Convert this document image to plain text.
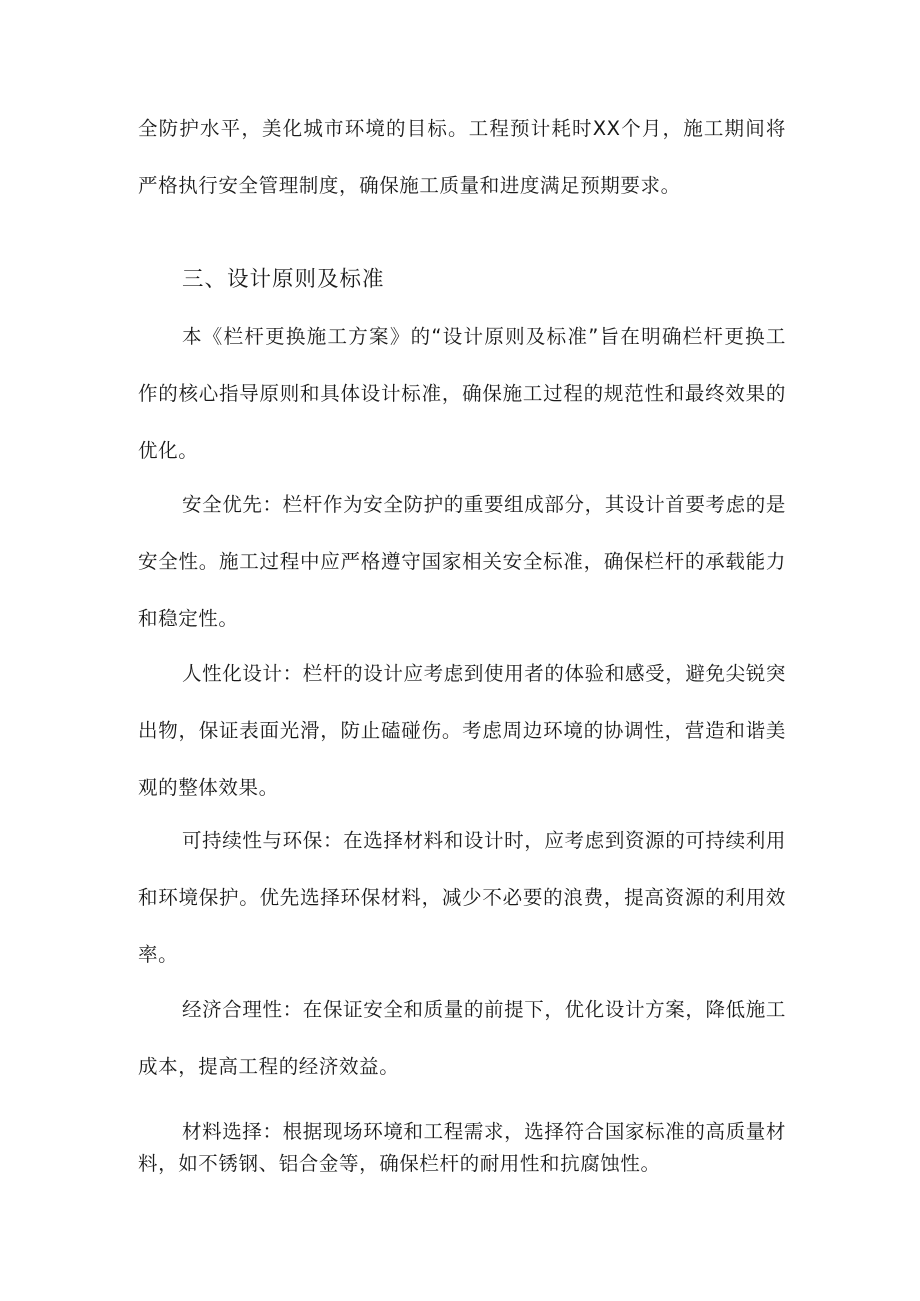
全防护水平，美化城市环境的目标。工程预计耗时XX个月，施工期间将严格执行安全管理制度，确保施工质量和进度满足预期要求。

三、设计原则及标准

本《栏杆更换施工方案》的“设计原则及标准”旨在明确栏杆更换工作的核心指导原则和具体设计标准，确保施工过程的规范性和最终效果的优化。

安全优先：栏杆作为安全防护的重要组成部分，其设计首要考虑的是安全性。施工过程中应严格遵守国家相关安全标准，确保栏杆的承载能力和稳定性。

人性化设计：栏杆的设计应考虑到使用者的体验和感受，避免尖锐突出物，保证表面光滑，防止磕碰伤。考虑周边环境的协调性，营造和谐美观的整体效果。

可持续性与环保：在选择材料和设计时，应考虑到资源的可持续利用和环境保护。优先选择环保材料，减少不必要的浪费，提高资源的利用效率。

经济合理性：在保证安全和质量的前提下，优化设计方案，降低施工成本，提高工程的经济效益。

材料选择：根据现场环境和工程需求，选择符合国家标准的高质量材料，如不锈钢、铝合金等，确保栏杆的耐用性和抗腐蚀性。
